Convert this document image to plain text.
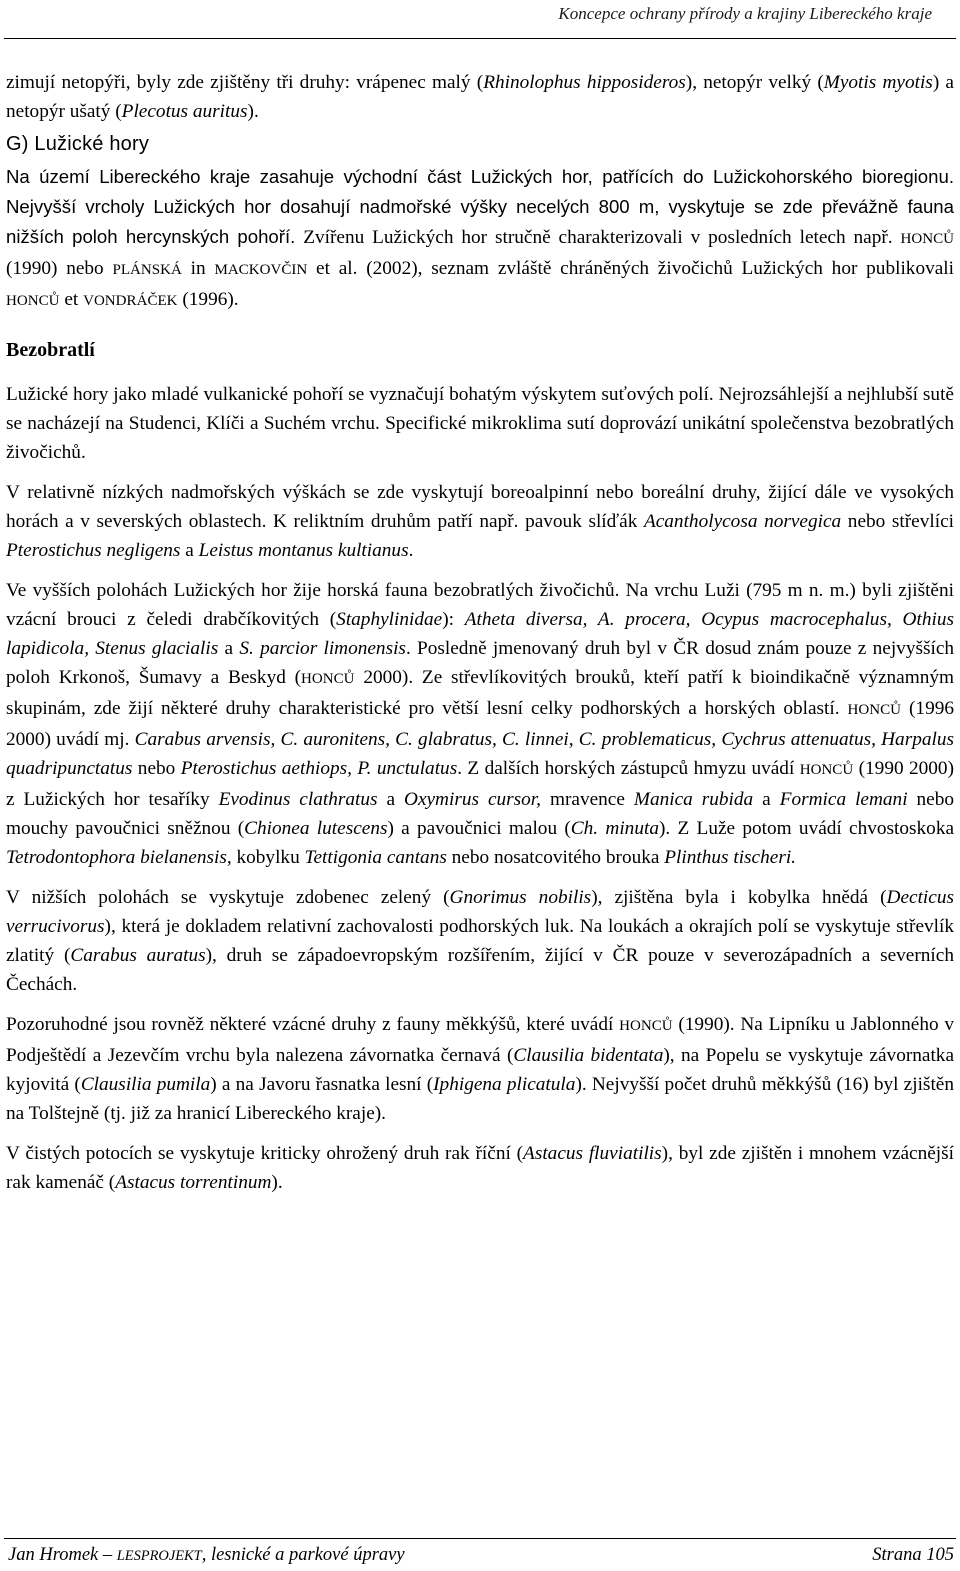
Koncepce ochrany přírody a krajiny Libereckého kraje

zimují netopýři, byly zde zjištěny tři druhy: vrápenec malý (Rhinolophus hipposideros), netopýr velký (Myotis myotis) a netopýr ušatý (Plecotus auritus).

G) Lužické hory

Na území Libereckého kraje zasahuje východní část Lužických hor, patřících do Lužickohorského bioregionu. Nejvyšší vrcholy Lužických hor dosahují nadmořské výšky necelých 800 m, vyskytuje se zde převážně fauna nižších poloh hercynských pohoří. Zvířenu Lužických hor stručně charakterizovali v posledních letech např. HONCŮ (1990) nebo PLÁNSKÁ in MACKOVČIN et al. (2002), seznam zvláště chráněných živočichů Lužických hor publikovali HONCŮ et VONDRÁČEK (1996).

Bezobratlí

Lužické hory jako mladé vulkanické pohoří se vyznačují bohatým výskytem suťových polí. Nejrozsáhlejší a nejhlubší sutě se nacházejí na Studenci, Klíči a Suchém vrchu. Specifické mikroklima sutí doprovází unikátní společenstva bezobratlých živočichů.

V relativně nízkých nadmořských výškách se zde vyskytují boreoalpinní nebo boreální druhy, žijící dále ve vysokých horách a v severských oblastech. K reliktním druhům patří např. pavouk slíďák Acantholycosa norvegica nebo střevlíci Pterostichus negligens a Leistus montanus kultianus.

Ve vyšších polohách Lužických hor žije horská fauna bezobratlých živočichů. Na vrchu Luži (795 m n. m.) byli zjištěni vzácní brouci z čeledi drabčíkovitých (Staphylinidae): Atheta diversa, A. procera, Ocypus macrocephalus, Othius lapidicola, Stenus glacialis a S. parcior limonensis. Posledně jmenovaný druh byl v ČR dosud znám pouze z nejvyšších poloh Krkonoš, Šumavy a Beskyd (HONCŮ 2000). Ze střevlíkovitých brouků, kteří patří k bioindikačně významným skupinám, zde žijí některé druhy charakteristické pro větší lesní celky podhorských a horských oblastí. HONCŮ (1996 2000) uvádí mj. Carabus arvensis, C. auronitens, C. glabratus, C. linnei, C. problematicus, Cychrus attenuatus, Harpalus quadripunctatus nebo Pterostichus aethiops, P. unctulatus. Z dalších horských zástupců hmyzu uvádí HONCŮ (1990 2000) z Lužických hor tesaříky Evodinus clathratus a Oxymirus cursor, mravence Manica rubida a Formica lemani nebo mouchy pavoučnici sněžnou (Chionea lutescens) a pavoučnici malou (Ch. minuta). Z Luže potom uvádí chvostoskoka Tetrodontophora bielanensis, kobylku Tettigonia cantans nebo nosatcovitého brouka Plinthus tischeri.

V nižších polohách se vyskytuje zdobenec zelený (Gnorimus nobilis), zjištěna byla i kobylka hnědá (Decticus verrucivorus), která je dokladem relativní zachovalosti podhorských luk. Na loukách a okrajích polí se vyskytuje střevlík zlatitý (Carabus auratus), druh se západoevropským rozšířením, žijící v ČR pouze v severozápadních a severních Čechách.

Pozoruhodné jsou rovněž některé vzácné druhy z fauny měkkýšů, které uvádí HONCŮ (1990). Na Lipníku u Jablonného v Podještědí a Jezevčím vrchu byla nalezena závornatka černavá (Clausilia bidentata), na Popelu se vyskytuje závornatka kyjovitá (Clausilia pumila) a na Javoru řasnatka lesní (Iphigena plicatula). Nejvyšší počet druhů měkkýšů (16) byl zjištěn na Tolštejně (tj. již za hranicí Libereckého kraje).

V čistých potocích se vyskytuje kriticky ohrožený druh rak říční (Astacus fluviatilis), byl zde zjištěn i mnohem vzácnější rak kamenáč (Astacus torrentinum).

Jan Hromek – LESPROJEKT, lesnické a parkové úpravy	Strana 105
